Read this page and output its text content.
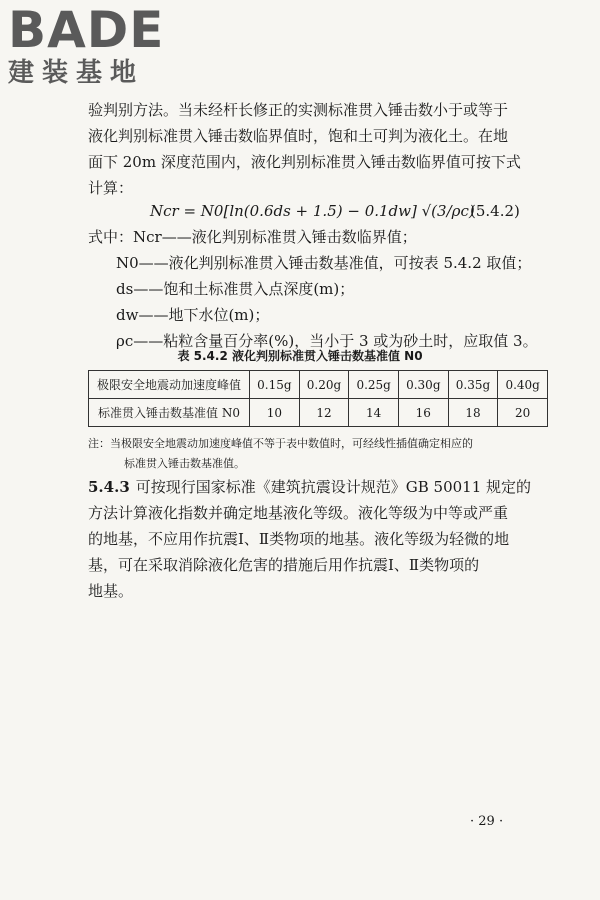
BADE
建装基地
验判别方法。当未经杆长修正的实测标准贯入锤击数小于或等于
液化判别标准贯入锤击数临界值时，饱和土可判为液化土。在地
面下 20m 深度范围内，液化判别标准贯入锤击数临界值可按下式
计算：
Ncr = N0[ln(0.6ds + 1.5) − 0.1dw] √(3/ρc)
(5.4.2)
式中：Ncr——液化判别标准贯入锤击数临界值；
N0——液化判别标准贯入锤击数基准值，可按表 5.4.2 取值；
ds——饱和土标准贯入点深度(m)；
dw——地下水位(m)；
ρc——粘粒含量百分率(%)，当小于 3 或为砂土时，应取值 3。
表 5.4.2 液化判别标准贯入锤击数基准值 N0
极限安全地震动加速度峰值	0.15g	0.20g	0.25g	0.30g	0.35g	0.40g
标准贯入锤击数基准值 N0	10	12	14	16	18	20
注：当极限安全地震动加速度峰值不等于表中数值时，可经线性插值确定相应的
标准贯入锤击数基准值。
5.4.3 可按现行国家标准《建筑抗震设计规范》GB 50011 规定的
方法计算液化指数并确定地基液化等级。液化等级为中等或严重
的地基，不应用作抗震Ⅰ、Ⅱ类物项的地基。液化等级为轻微的地
基，可在采取消除液化危害的措施后用作抗震Ⅰ、Ⅱ类物项的
地基。
· 29 ·
